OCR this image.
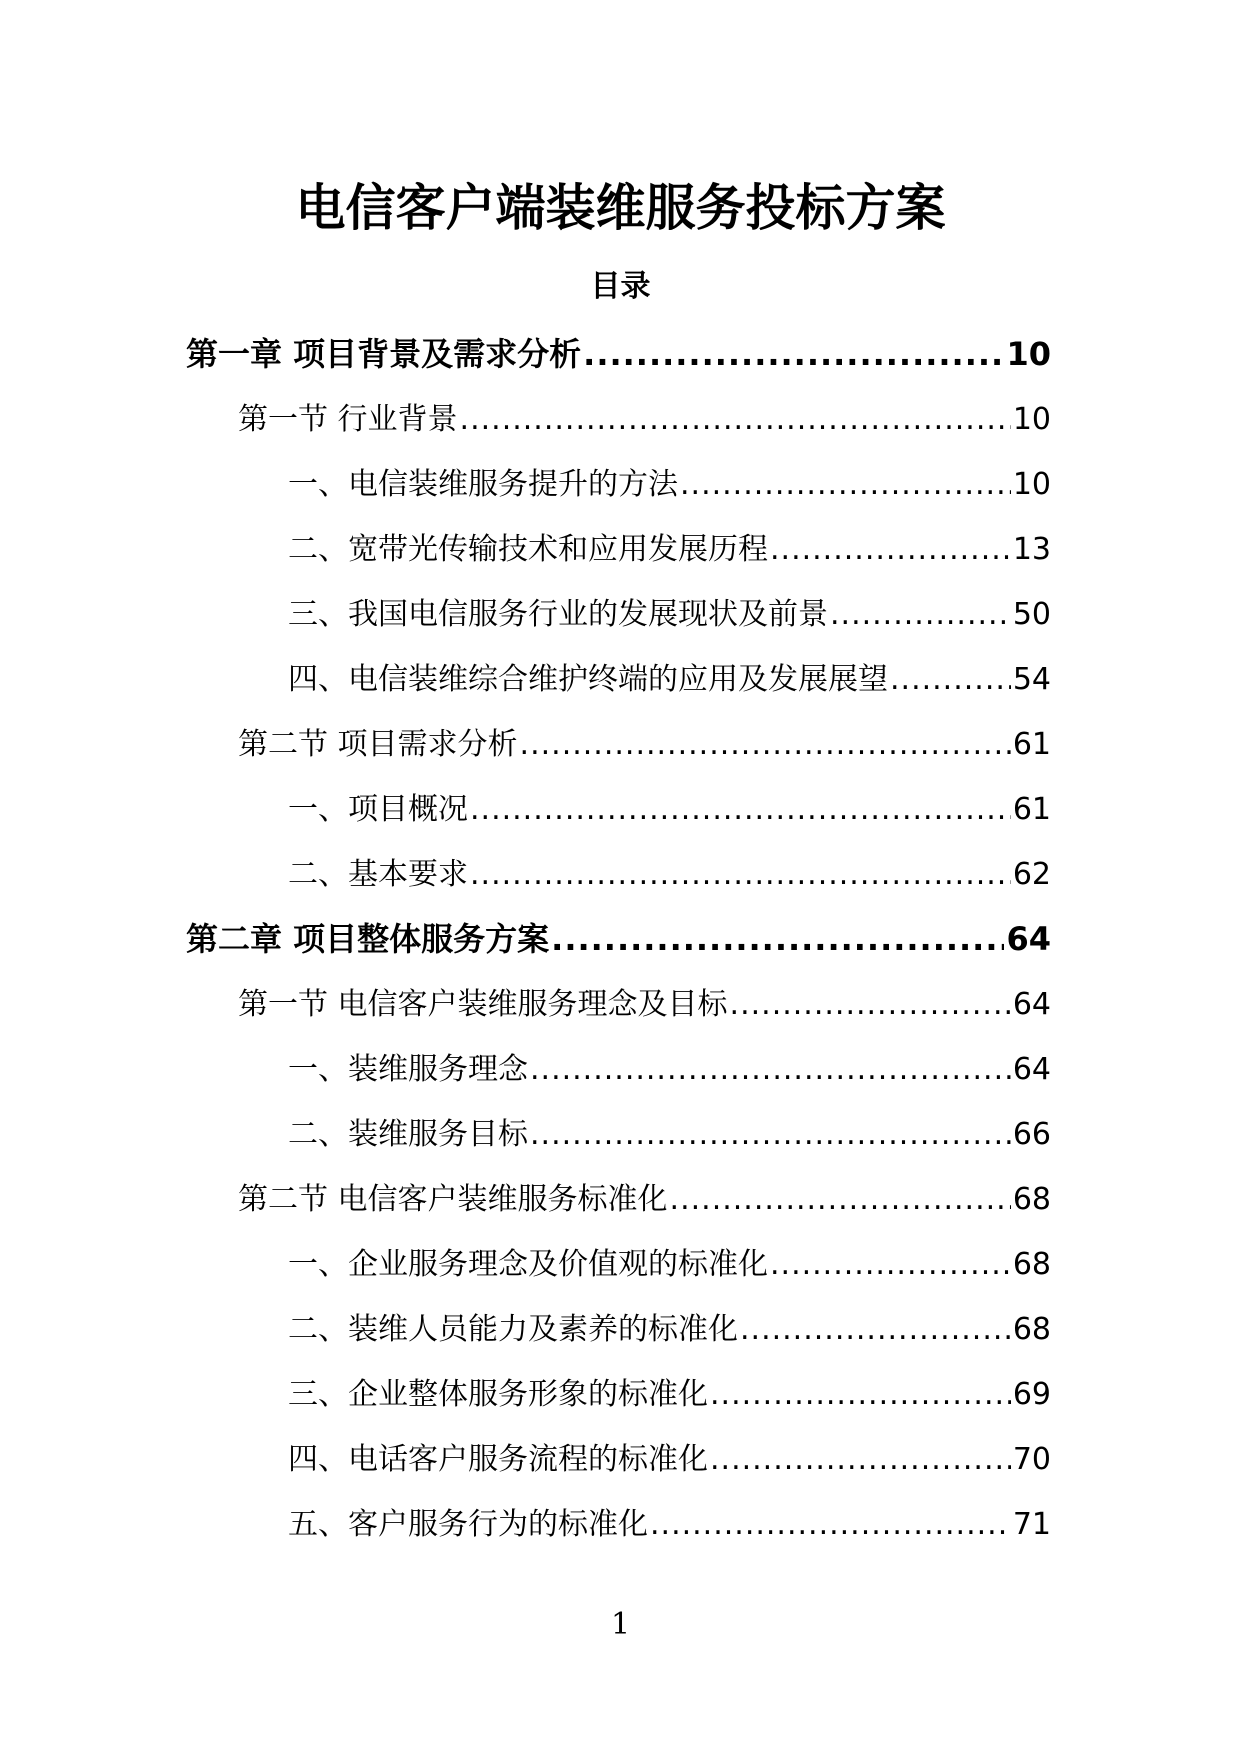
电信客户端装维服务投标方案
目录
第一章 项目背景及需求分析 .....	10
第一节 行业背景 .....	10
一、电信装维服务提升的方法 .....	10
二、宽带光传输技术和应用发展历程 .....	13
三、我国电信服务行业的发展现状及前景 .....	50
四、电信装维综合维护终端的应用及发展展望 .....	54
第二节 项目需求分析 .....	61
一、项目概况 .....	61
二、基本要求 .....	62
第二章 项目整体服务方案 .....	64
第一节 电信客户装维服务理念及目标 .....	64
一、装维服务理念 .....	64
二、装维服务目标 .....	66
第二节 电信客户装维服务标准化 .....	68
一、企业服务理念及价值观的标准化 .....	68
二、装维人员能力及素养的标准化 .....	68
三、企业整体服务形象的标准化 .....	69
四、电话客户服务流程的标准化 .....	70
五、客户服务行为的标准化 .....	71
1
